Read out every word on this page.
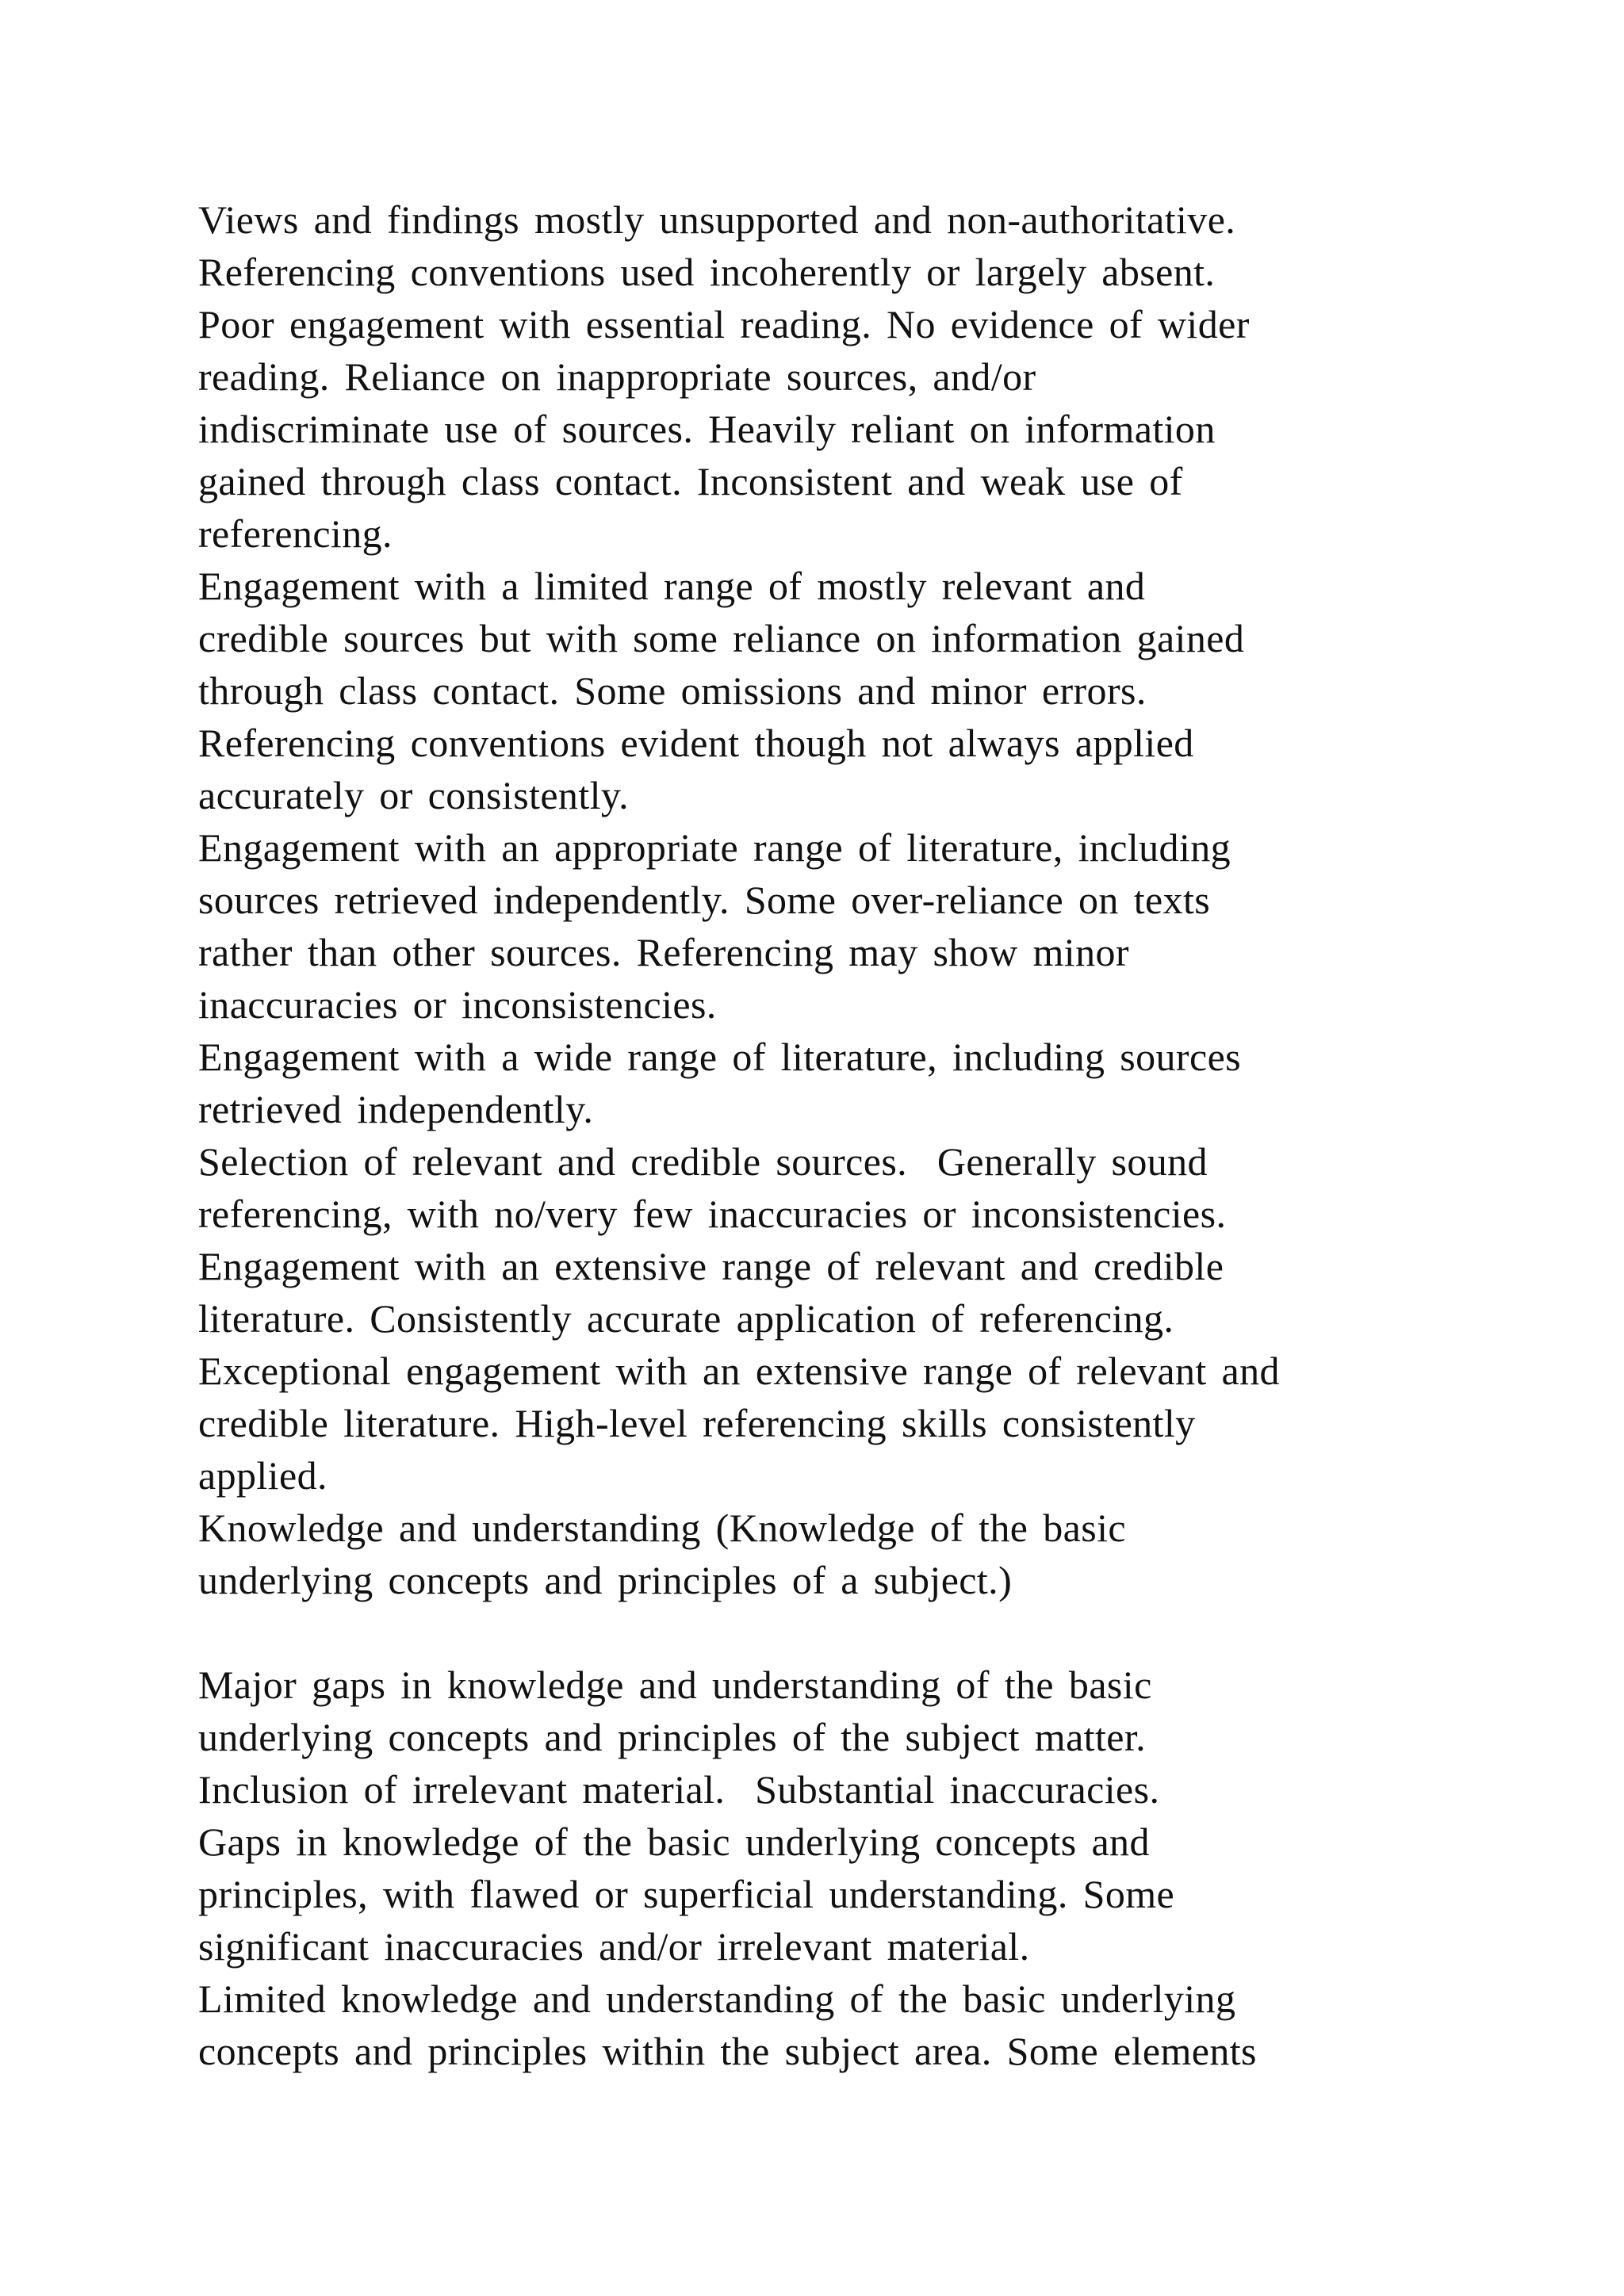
Views and findings mostly unsupported and non-authoritative.
Referencing conventions used incoherently or largely absent.
Poor engagement with essential reading. No evidence of wider
reading. Reliance on inappropriate sources, and/or
indiscriminate use of sources. Heavily reliant on information
gained through class contact. Inconsistent and weak use of
referencing.
Engagement with a limited range of mostly relevant and
credible sources but with some reliance on information gained
through class contact. Some omissions and minor errors.
Referencing conventions evident though not always applied
accurately or consistently.
Engagement with an appropriate range of literature, including
sources retrieved independently. Some over-reliance on texts
rather than other sources. Referencing may show minor
inaccuracies or inconsistencies.
Engagement with a wide range of literature, including sources
retrieved independently.
Selection of relevant and credible sources.  Generally sound
referencing, with no/very few inaccuracies or inconsistencies.
Engagement with an extensive range of relevant and credible
literature. Consistently accurate application of referencing.
Exceptional engagement with an extensive range of relevant and
credible literature. High-level referencing skills consistently
applied.
Knowledge and understanding (Knowledge of the basic
underlying concepts and principles of a subject.)
Major gaps in knowledge and understanding of the basic
underlying concepts and principles of the subject matter.
Inclusion of irrelevant material.  Substantial inaccuracies.
Gaps in knowledge of the basic underlying concepts and
principles, with flawed or superficial understanding. Some
significant inaccuracies and/or irrelevant material.
Limited knowledge and understanding of the basic underlying
concepts and principles within the subject area. Some elements
